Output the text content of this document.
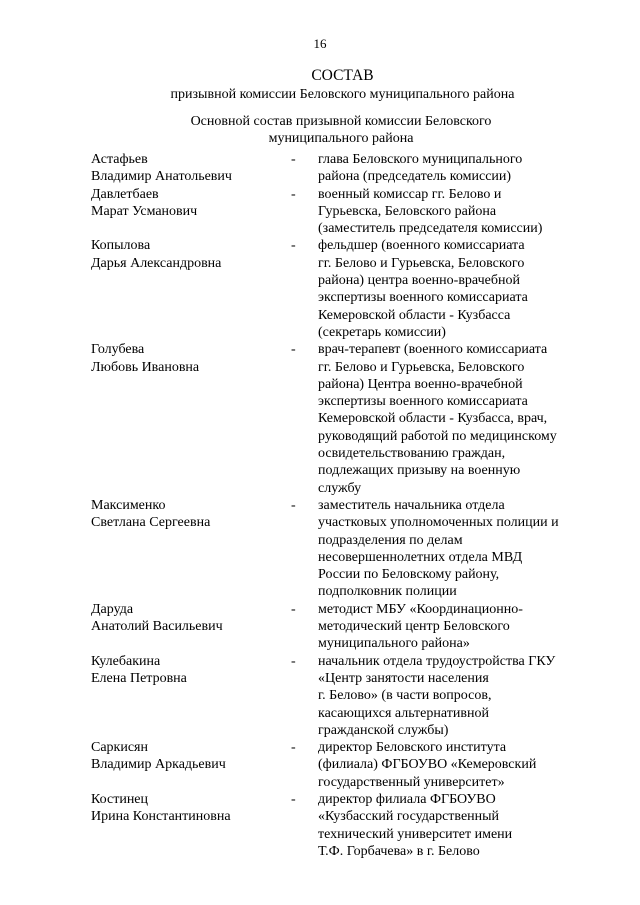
16
СОСТАВ
призывной комиссии Беловского муниципального района
Основной состав призывной комиссии Беловского
муниципального района
Астафьев
Владимир Анатольевич
-	глава Беловского муниципального
района (председатель комиссии)
Давлетбаев
Марат Усманович
-	военный комиссар гг. Белово и
Гурьевска, Беловского района
(заместитель председателя комиссии)
Копылова
Дарья Александровна
-	фельдшер (военного комиссариата
гг. Белово и Гурьевска, Беловского
района) центра военно-врачебной
экспертизы военного комиссариата
Кемеровской области - Кузбасса
(секретарь комиссии)
Голубева
Любовь Ивановна
-	врач-терапевт (военного комиссариата
гг. Белово и Гурьевска, Беловского
района) Центра военно-врачебной
экспертизы военного комиссариата
Кемеровской области - Кузбасса, врач,
руководящий работой по медицинскому
освидетельствованию граждан,
подлежащих призыву на военную
службу
Максименко
Светлана Сергеевна
-	заместитель начальника отдела
участковых уполномоченных полиции и
подразделения по делам
несовершеннолетних отдела МВД
России по Беловскому району,
подполковник полиции
Даруда
Анатолий Васильевич
-	методист МБУ «Координационно-
методический центр Беловского
муниципального района»
Кулебакина
Елена Петровна
-	начальник отдела трудоустройства ГКУ
«Центр занятости населения
г. Белово» (в части вопросов,
касающихся альтернативной
гражданской службы)
Саркисян
Владимир Аркадьевич
-	директор Беловского института
(филиала) ФГБОУВО «Кемеровский
государственный университет»
Костинец
Ирина Константиновна
-	директор филиала ФГБОУВО
«Кузбасский государственный
технический университет имени
Т.Ф. Горбачева» в г. Белово
